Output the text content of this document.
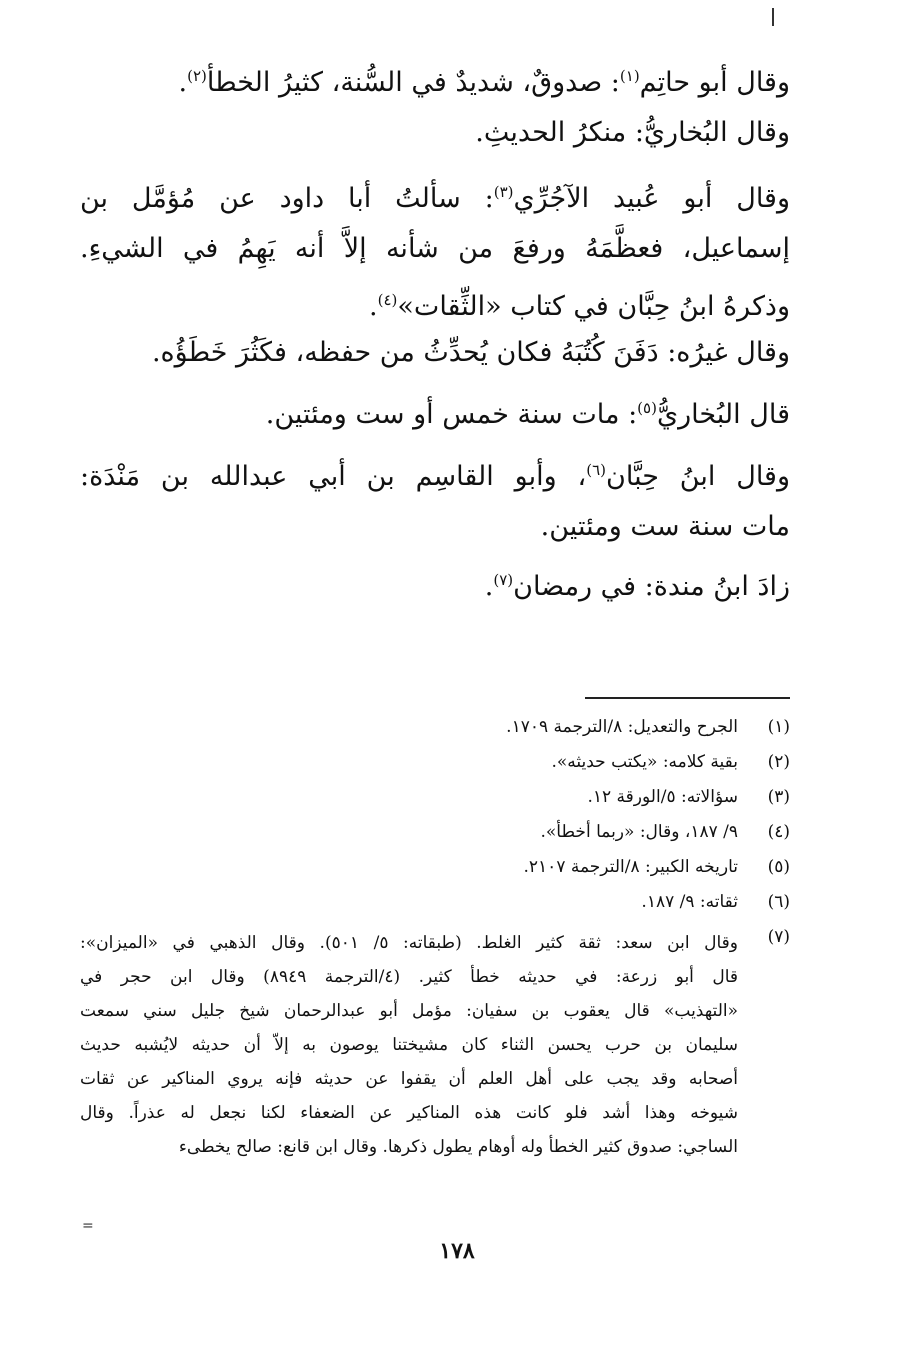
وقال أبو حاتِم$^{(١)}$: صدوقٌ، شديدٌ في السُّنة، كثيرُ الخطأ$^{(٢)}$.
وقال البُخاريُّ: منكرُ الحديثِ.
وقال أبو عُبيد الآجُرِّي$^{(٣)}$: سألتُ أبا داود عن مُؤمَّل بن
إسماعيل، فعظَّمَهُ ورفعَ من شأنه إلاَّ أنه يَهِمُ في الشيءِ.
وذكرهُ ابنُ حِبَّان في كتاب «الثِّقات»$^{(٤)}$.
وقال غيرُه: دَفَنَ كُتُبَهُ فكان يُحدِّثُ من حفظه، فكَثُرَ خَطَؤُه.
قال البُخاريُّ$^{(٥)}$: مات سنة خمس أو ست ومئتين.
وقال ابنُ حِبَّان$^{(٦)}$، وأبو القاسِم بن أبي عبدالله بن مَنْدَة:
مات سنة ست ومئتين.
زادَ ابنُ مندة: في رمضان$^{(٧)}$.
(١)
الجرح والتعديل: ٨/الترجمة ١٧٠٩.
(٢)
بقية كلامه: «يكتب حديثه».
(٣)
سؤالاته: ٥/الورقة ١٢.
(٤)
٩/ ١٨٧، وقال: «ربما أخطأ».
(٥)
تاريخه الكبير: ٨/الترجمة ٢١٠٧.
(٦)
ثقاته: ٩/ ١٨٧.
(٧)
وقال ابن سعد: ثقة كثير الغلط. (طبقاته: ٥/ ٥٠١). وقال الذهبي في «الميزان»:
قال أبو زرعة: في حديثه خطأ كثير. (٤/الترجمة ٨٩٤٩) وقال ابن حجر في
«التهذيب» قال يعقوب بن سفيان: مؤمل أبو عبدالرحمان شيخ جليل سني سمعت
سليمان بن حرب يحسن الثناء كان مشيختنا يوصون به إلاّ أن حديثه لايُشبه حديث
أصحابه وقد يجب على أهل العلم أن يقفوا عن حديثه فإنه يروي المناكير عن ثقات
شيوخه وهذا أشد فلو كانت هذه المناكير عن الضعفاء لكنا نجعل له عذراً. وقال
الساجي: صدوق كثير الخطأ وله أوهام يطول ذكرها. وقال ابن قانع: صالح يخطىء
=
١٧٨
